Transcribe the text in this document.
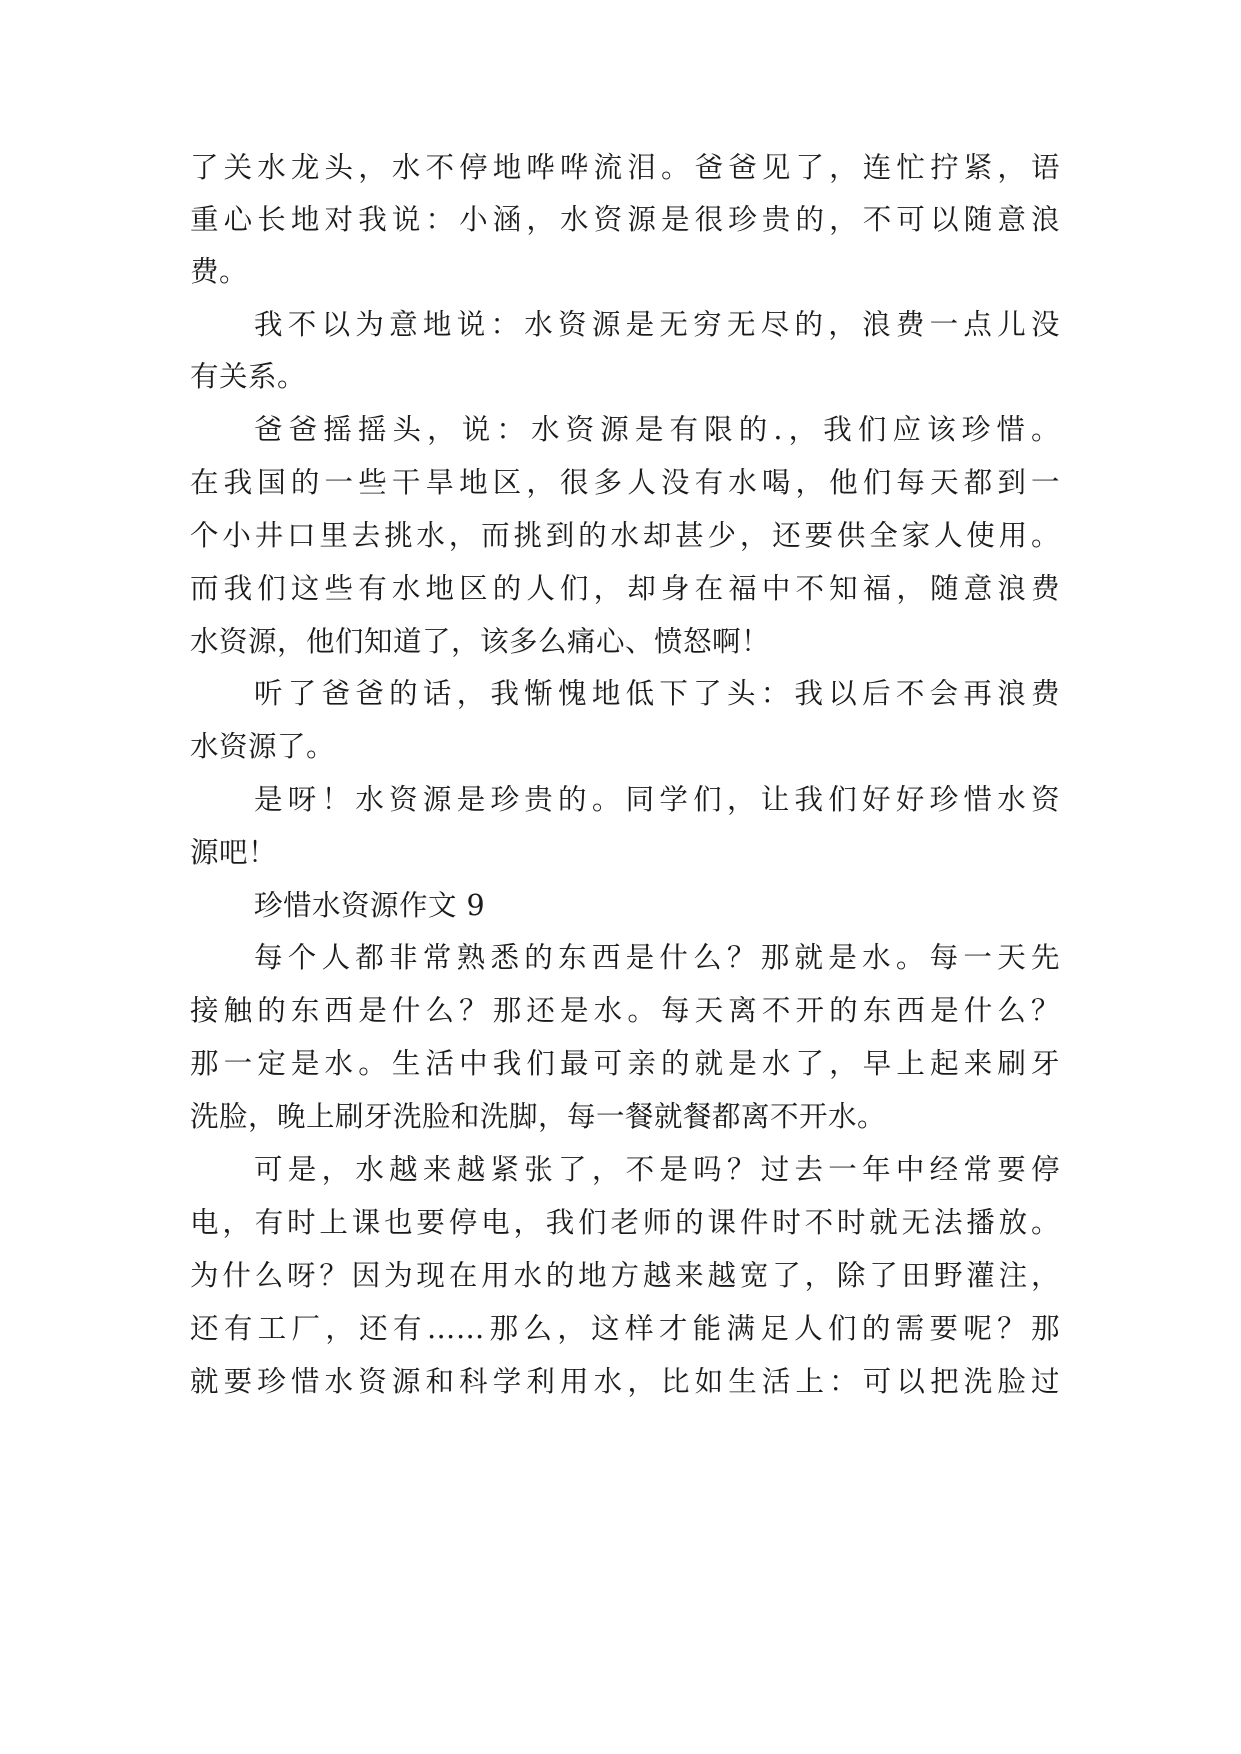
了关水龙头，水不停地哗哗流泪。爸爸见了，连忙拧紧，语
重心长地对我说：小涵，水资源是很珍贵的，不可以随意浪
费。
我不以为意地说：水资源是无穷无尽的，浪费一点儿没
有关系。
爸爸摇摇头，说：水资源是有限的.，我们应该珍惜。
在我国的一些干旱地区，很多人没有水喝，他们每天都到一
个小井口里去挑水，而挑到的水却甚少，还要供全家人使用。
而我们这些有水地区的人们，却身在福中不知福，随意浪费
水资源，他们知道了，该多么痛心、愤怒啊！
听了爸爸的话，我惭愧地低下了头：我以后不会再浪费
水资源了。
是呀！水资源是珍贵的。同学们，让我们好好珍惜水资
源吧！
珍惜水资源作文 9
每个人都非常熟悉的东西是什么？那就是水。每一天先
接触的东西是什么？那还是水。每天离不开的东西是什么？
那一定是水。生活中我们最可亲的就是水了，早上起来刷牙
洗脸，晚上刷牙洗脸和洗脚，每一餐就餐都离不开水。
可是，水越来越紧张了，不是吗？过去一年中经常要停
电，有时上课也要停电，我们老师的课件时不时就无法播放。
为什么呀？因为现在用水的地方越来越宽了，除了田野灌注，
还有工厂，还有……那么，这样才能满足人们的需要呢？那
就要珍惜水资源和科学利用水，比如生活上：可以把洗脸过
